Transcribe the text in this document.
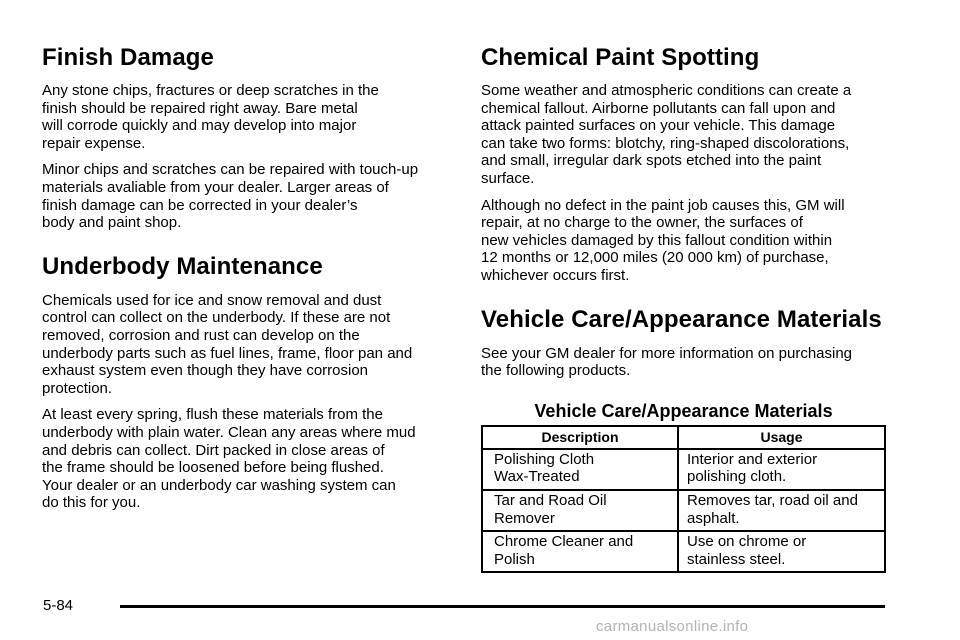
Finish Damage

Any stone chips, fractures or deep scratches in the
finish should be repaired right away. Bare metal
will corrode quickly and may develop into major
repair expense.

Minor chips and scratches can be repaired with touch-up
materials avaliable from your dealer. Larger areas of
finish damage can be corrected in your dealer’s
body and paint shop.

Underbody Maintenance

Chemicals used for ice and snow removal and dust
control can collect on the underbody. If these are not
removed, corrosion and rust can develop on the
underbody parts such as fuel lines, frame, floor pan and
exhaust system even though they have corrosion
protection.

At least every spring, flush these materials from the
underbody with plain water. Clean any areas where mud
and debris can collect. Dirt packed in close areas of
the frame should be loosened before being flushed.
Your dealer or an underbody car washing system can
do this for you.

Chemical Paint Spotting

Some weather and atmospheric conditions can create a
chemical fallout. Airborne pollutants can fall upon and
attack painted surfaces on your vehicle. This damage
can take two forms: blotchy, ring-shaped discolorations,
and small, irregular dark spots etched into the paint
surface.

Although no defect in the paint job causes this, GM will
repair, at no charge to the owner, the surfaces of
new vehicles damaged by this fallout condition within
12 months or 12,000 miles (20 000 km) of purchase,
whichever occurs first.

Vehicle Care/Appearance Materials

See your GM dealer for more information on purchasing
the following products.

Vehicle Care/Appearance Materials
Description	Usage

Polishing Cloth
Wax-Treated	Interior and exterior
polishing cloth.

Tar and Road Oil
Remover	Removes tar, road oil and
asphalt.

Chrome Cleaner and
Polish	Use on chrome or
stainless steel.
5-84
carmanualsonline.info
